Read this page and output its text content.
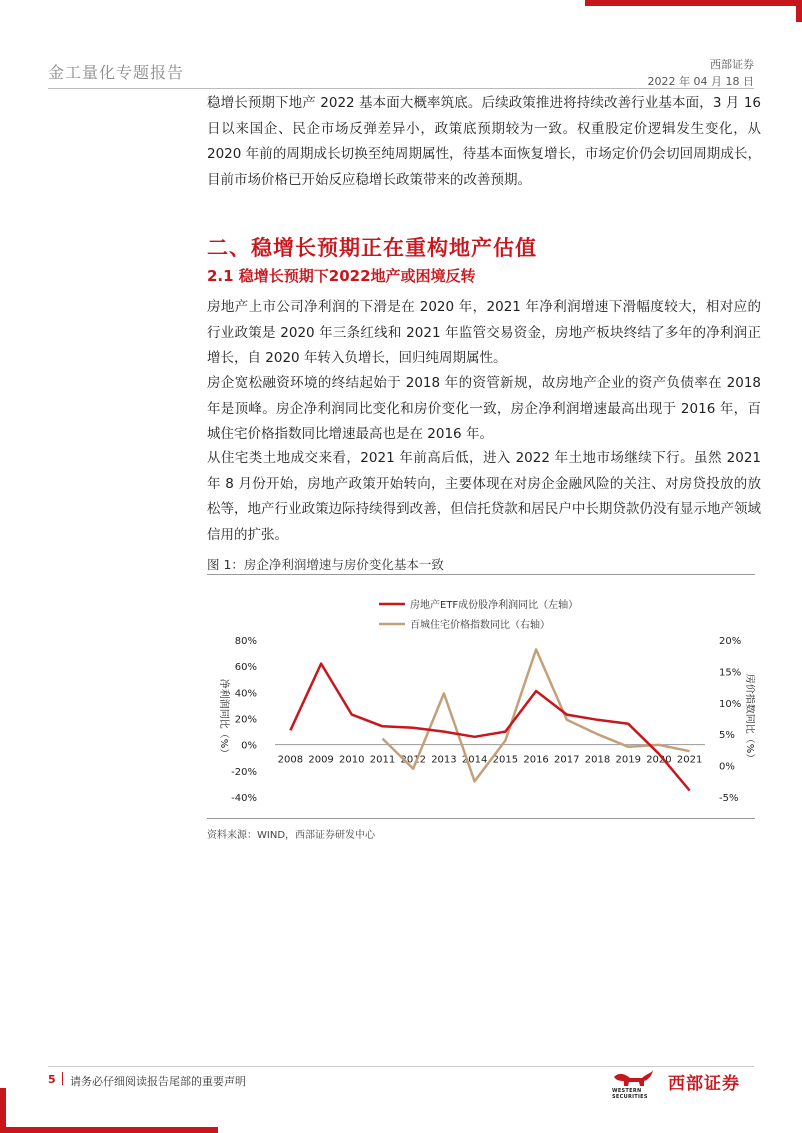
金工量化专题报告	西部证券
2022 年 04 月 18 日

稳增长预期下地产 2022 基本面大概率筑底。后续政策推进将持续改善行业基本面，3 月 16 日以来国企、民企市场反弹差异小，政策底预期较为一致。权重股定价逻辑发生变化，从 2020 年前的周期成长切换至纯周期属性，待基本面恢复增长，市场定价仍会切回周期成长，目前市场价格已开始反应稳增长政策带来的改善预期。

二、稳增长预期正在重构地产估值
2.1 稳增长预期下2022地产或困境反转

房地产上市公司净利润的下滑是在 2020 年，2021 年净利润增速下滑幅度较大，相对应的行业政策是 2020 年三条红线和 2021 年监管交易资金，房地产板块终结了多年的净利润正增长，自 2020 年转入负增长，回归纯周期属性。

房企宽松融资环境的终结起始于 2018 年的资管新规，故房地产企业的资产负债率在 2018 年是顶峰。房企净利润同比变化和房价变化一致，房企净利润增速最高出现于 2016 年，百城住宅价格指数同比增速最高也是在 2016 年。

从住宅类土地成交来看，2021 年前高后低，进入 2022 年土地市场继续下行。虽然 2021 年 8 月份开始，房地产政策开始转向，主要体现在对房企金融风险的关注、对房贷投放的放松等，地产行业政策边际持续得到改善，但信托贷款和居民户中长期贷款仍没有显示地产领域信用的扩张。

图 1：房企净利润增速与房价变化基本一致
房地产ETF成份股净利润同比（左轴）
百城住宅价格指数同比（右轴）
80%
60%
40%
20%
0%
-20%
-40%
20%
15%
10%
5%
0%
-5%
2008 2009 2010 2011 2012 2013 2014 2015 2016 2017 2018 2019 2020 2021
净利润同比（%）	房价指数同比（%）
资料来源：WIND，西部证券研发中心
5 请务必仔细阅读报告尾部的重要声明
WESTERN SECURITIES
西部证券
